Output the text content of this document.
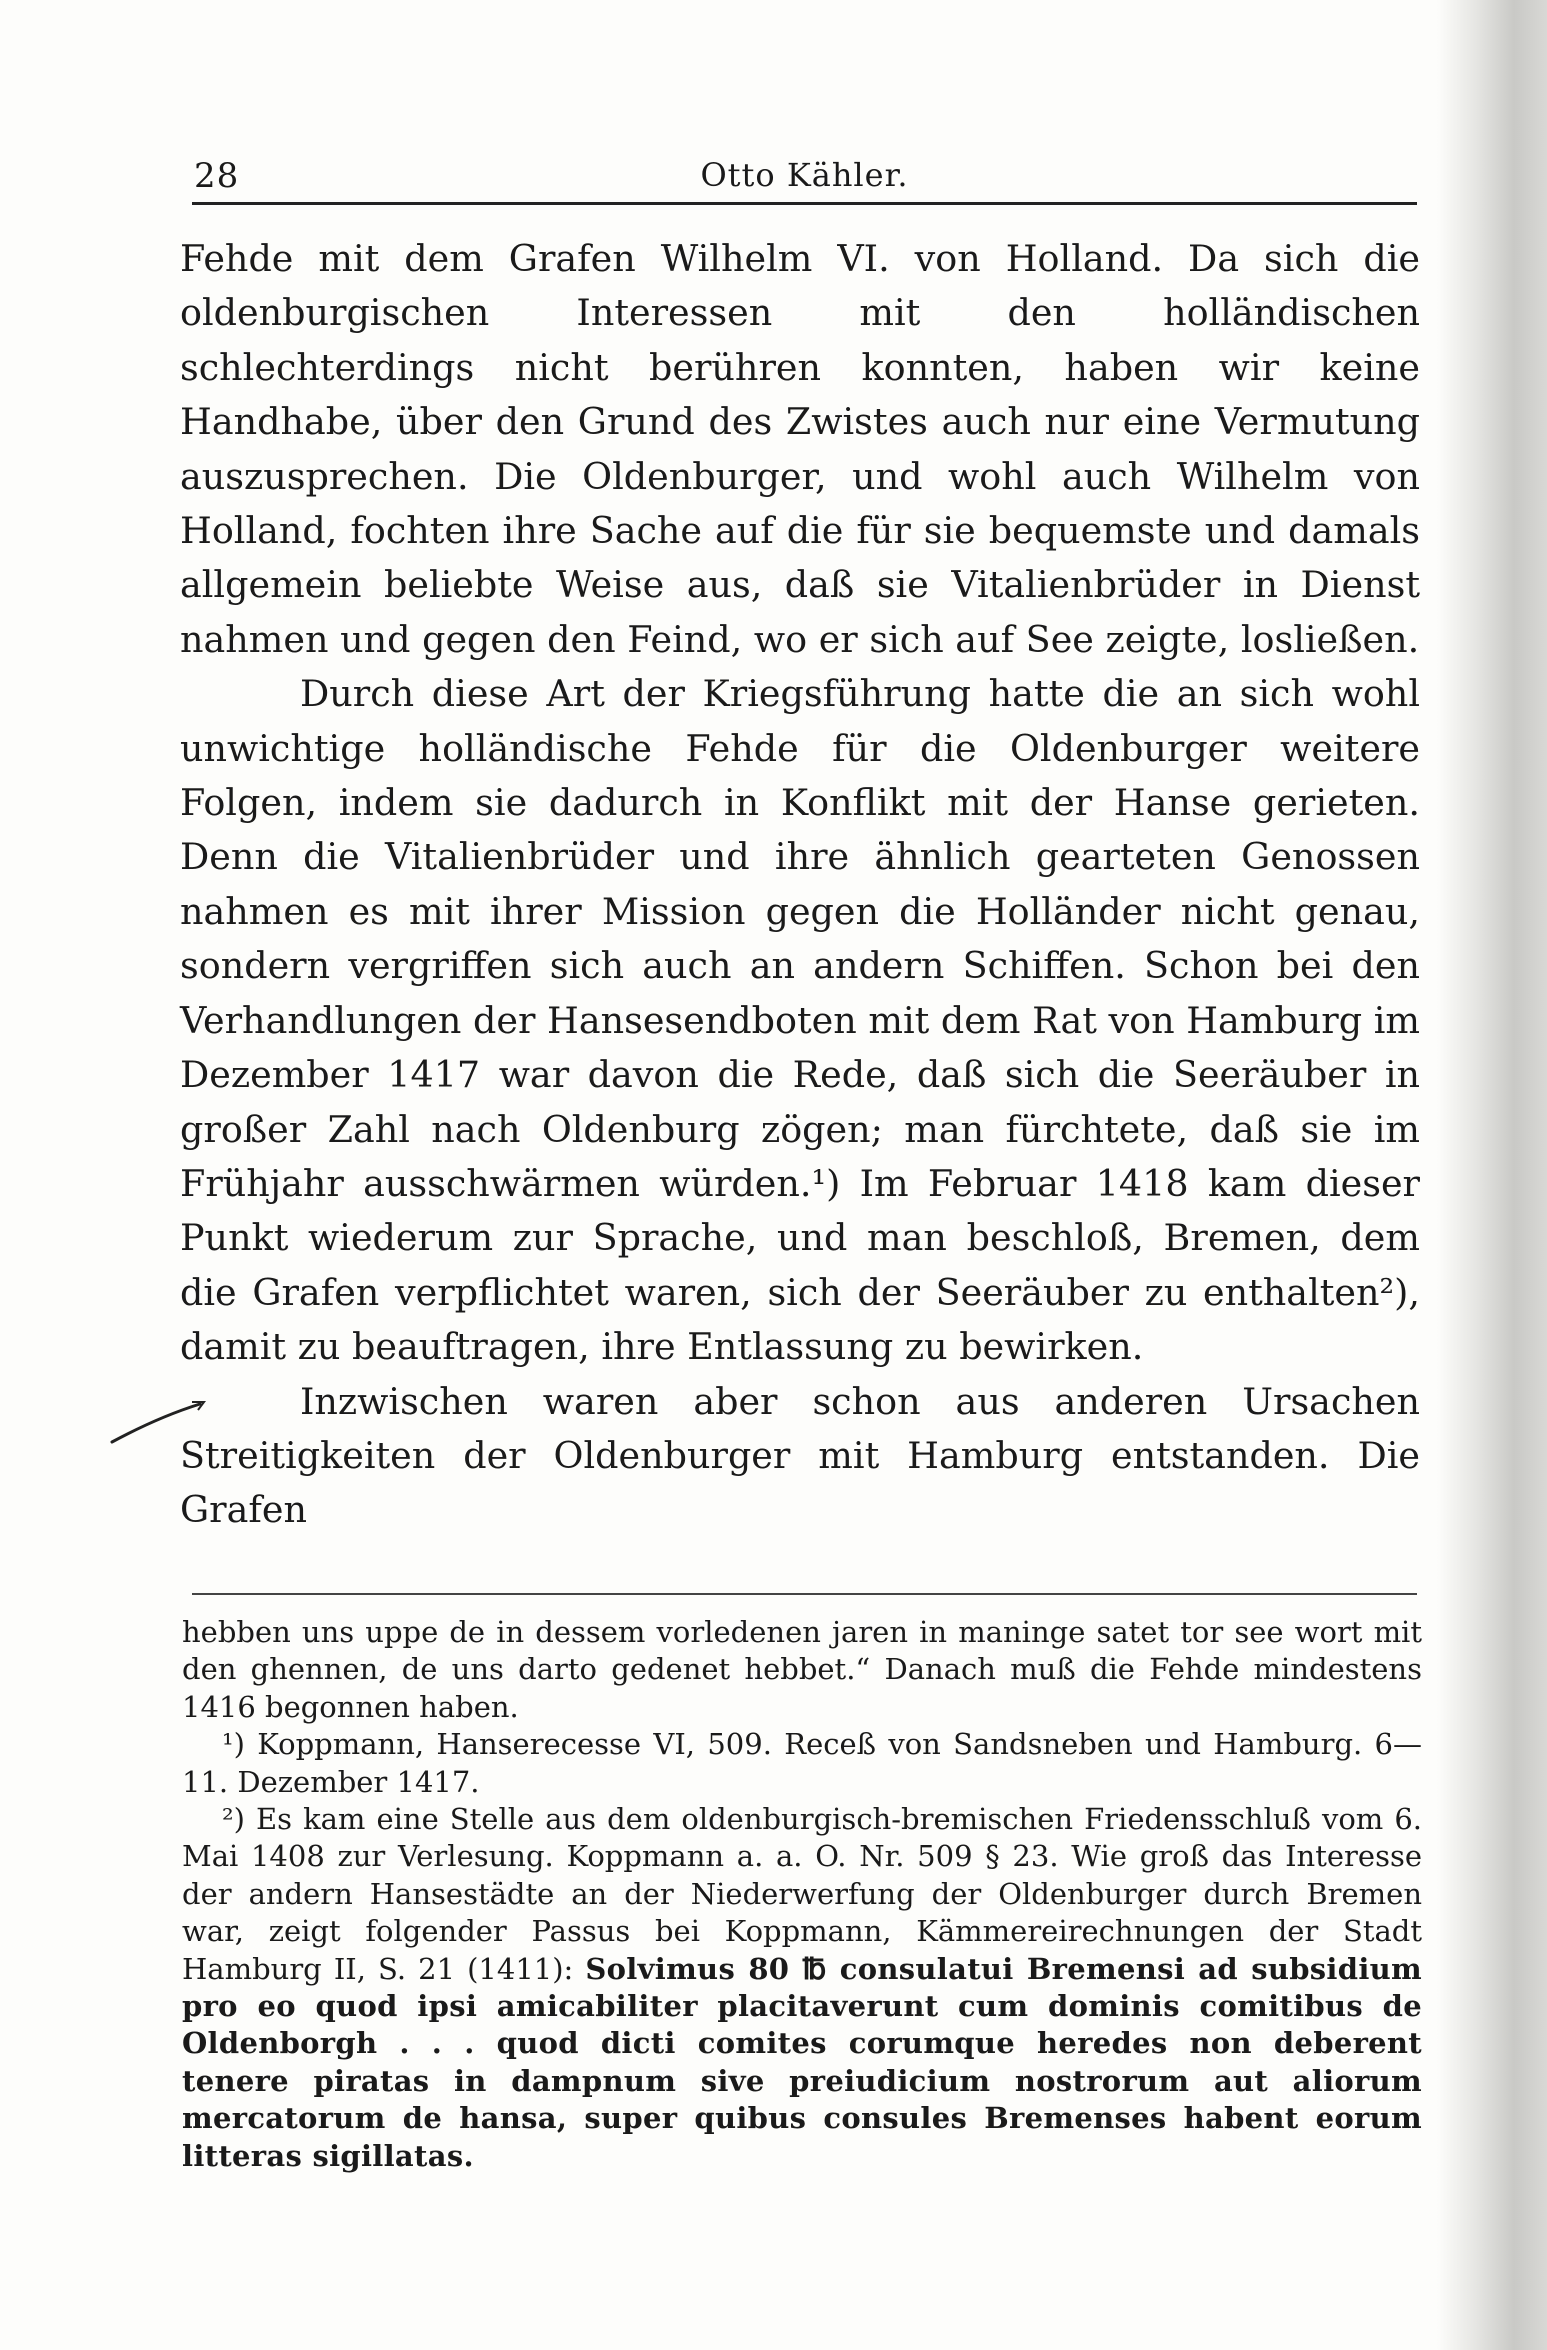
28	Otto Kähler.

Fehde mit dem Grafen Wilhelm VI. von Holland. Da sich die oldenburgischen Interessen mit den holländischen schlechterdings nicht berühren konnten, haben wir keine Handhabe, über den Grund des Zwistes auch nur eine Vermutung auszusprechen. Die Oldenburger, und wohl auch Wilhelm von Holland, fochten ihre Sache auf die für sie bequemste und damals allgemein beliebte Weise aus, daß sie Vitalienbrüder in Dienst nahmen und gegen den Feind, wo er sich auf See zeigte, losließen.

Durch diese Art der Kriegsführung hatte die an sich wohl unwichtige holländische Fehde für die Oldenburger weitere Folgen, indem sie dadurch in Konflikt mit der Hanse gerieten. Denn die Vitalienbrüder und ihre ähnlich gearteten Genossen nahmen es mit ihrer Mission gegen die Holländer nicht genau, sondern vergriffen sich auch an andern Schiffen. Schon bei den Verhandlungen der Hansesendboten mit dem Rat von Hamburg im Dezember 1417 war davon die Rede, daß sich die Seeräuber in großer Zahl nach Oldenburg zögen; man fürchtete, daß sie im Frühjahr ausschwärmen würden.¹) Im Februar 1418 kam dieser Punkt wiederum zur Sprache, und man beschloß, Bremen, dem die Grafen verpflichtet waren, sich der Seeräuber zu enthalten²), damit zu beauftragen, ihre Entlassung zu bewirken.

Inzwischen waren aber schon aus anderen Ursachen Streitigkeiten der Oldenburger mit Hamburg entstanden. Die Grafen

hebben uns uppe de in dessem vorledenen jaren in maninge satet tor see wort mit den ghennen, de uns darto gedenet hebbet.“ Danach muß die Fehde mindestens 1416 begonnen haben.

¹) Koppmann, Hanserecesse VI, 509. Receß von Sandsneben und Hamburg. 6—11. Dezember 1417.

²) Es kam eine Stelle aus dem oldenburgisch-bremischen Friedensschluß vom 6. Mai 1408 zur Verlesung. Koppmann a. a. O. Nr. 509 § 23. Wie groß das Interesse der andern Hansestädte an der Niederwerfung der Oldenburger durch Bremen war, zeigt folgender Passus bei Koppmann, Kämmereirechnungen der Stadt Hamburg II, S. 21 (1411): Solvimus 80 ℔ consulatui Bremensi ad subsidium pro eo quod ipsi amicabiliter placitaverunt cum dominis comitibus de Oldenborgh . . . quod dicti comites corumque heredes non deberent tenere piratas in dampnum sive preiudicium nostrorum aut aliorum mercatorum de hansa, super quibus consules Bremenses habent eorum litteras sigillatas.
